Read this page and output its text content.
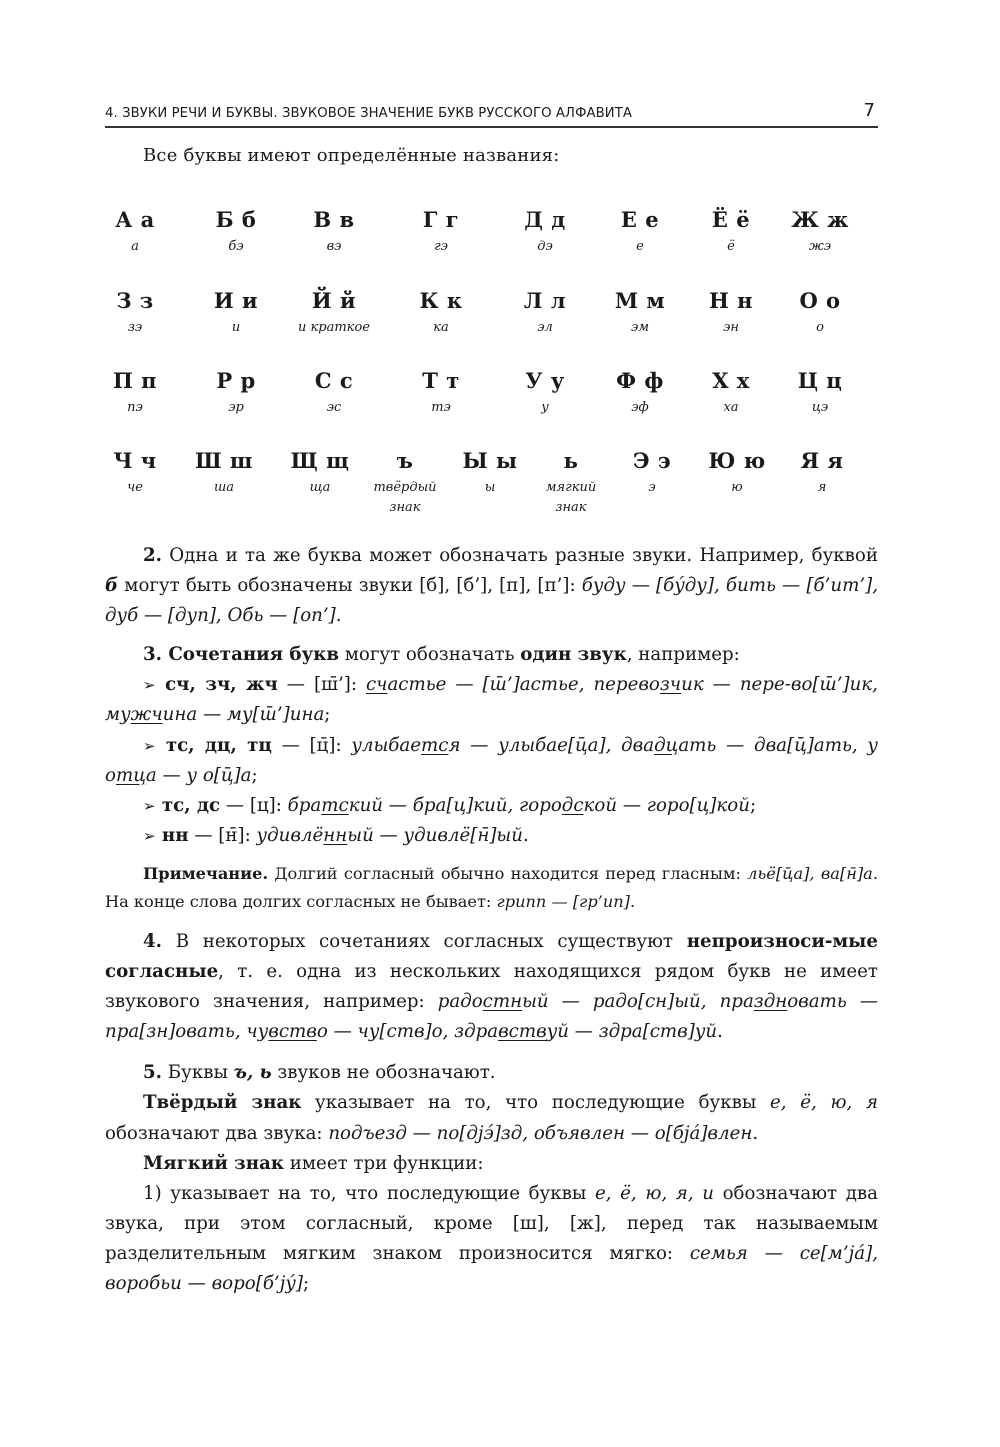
4. ЗВУКИ РЕЧИ И БУКВЫ. ЗВУКОВОЕ ЗНАЧЕНИЕ БУКВ РУССКОГО АЛФАВИТА	7
Все буквы имеют определённые названия:
А а
а
Б б
бэ
В в
вэ
Г г
гэ
Д д
дэ
Е е
е
Ё ё
ё
Ж ж
жэ
З з
зэ
И и
и
Й й
и краткое
К к
ка
Л л
эл
М м
эм
Н н
эн
О о
о
П п
пэ
Р р
эр
С с
эс
Т т
тэ
У у
у
Ф ф
эф
Х х
ха
Ц ц
цэ
Ч ч
че
Ш ш
ша
Щ щ
ща
ъ
твёрдый
знак
Ы ы
ы
ь
мягкий
знак
Э э
э
Ю ю
ю
Я я
я

2. Одна и та же буква может обозначать разные звуки. Например, буквой б могут быть обозначены звуки [б], [б’], [п], [п’]: буду — [бу́ду], бить — [б’ит’], дуб — [дуп], Обь — [оп’].

3. Сочетания букв могут обозначать один звук, например:

➢ сч, зч, жч — [ш̄’]: счастье — [ш̄’]астье, перевозчик — пере-во[ш̄’]ик, мужчина — му[ш̄’]ина;

➢ тс, дц, тц — [ц̄]: улыбается — улыбае[ц̄а], двадцать — два[ц̄]ать, у отца — у о[ц̄]а;

➢ тс, дс — [ц]: братский — бра[ц]кий, городской — горо[ц]кой;

➢ нн — [н̄]: удивлённый — удивлё[н̄]ый.

Примечание. Долгий согласный обычно находится перед гласным: льё[ц̄а], ва[н̄]а. На конце слова долгих согласных не бывает: грипп — [гр’ип].

4. В некоторых сочетаниях согласных существуют непроизноси-мые согласные, т. е. одна из нескольких находящихся рядом букв не имеет звукового значения, например: радостный — радо[сн]ый, праздновать — пра[зн]овать, чувство — чу[ств]о, здравствуй — здра[ств]уй.

5. Буквы ъ, ь звуков не обозначают.

Твёрдый знак указывает на то, что последующие буквы е, ё, ю, я обозначают два звука: подъезд — по[дjэ́]зд, объявлен — о[бjа́]влен.

Мягкий знак имеет три функции:

1) указывает на то, что последующие буквы е, ё, ю, я, и обозначают два звука, при этом согласный, кроме [ш], [ж], перед так называемым разделительным мягким знаком произносится мягко: семья — се[м’jа́], воробьи — воро[б’jу́];
